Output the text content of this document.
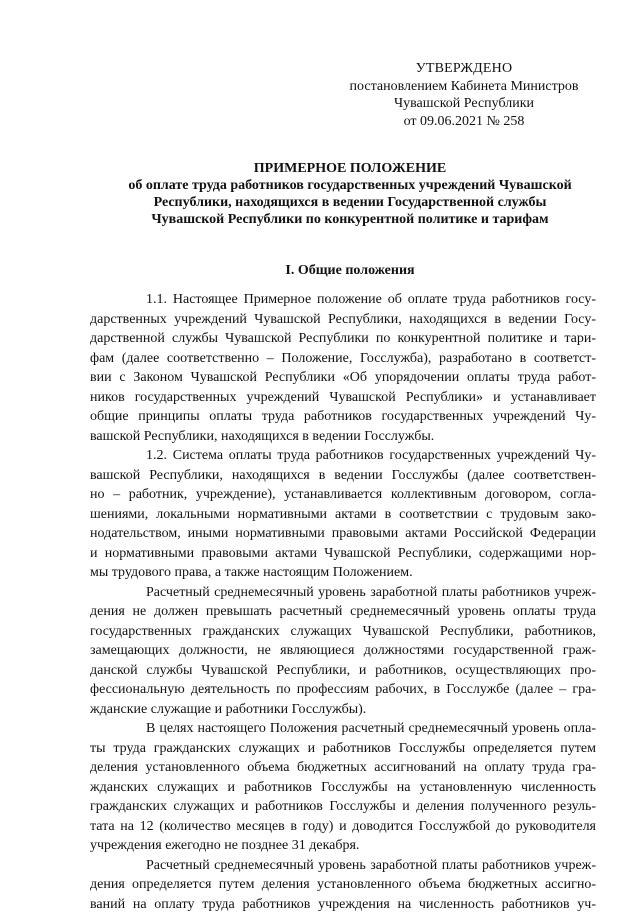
УТВЕРЖДЕНО
постановлением Кабинета Министров
Чувашской Республики
от 09.06.2021 № 258
ПРИМЕРНОЕ ПОЛОЖЕНИЕ
об оплате труда работников государственных учреждений Чувашской
Республики, находящихся в ведении Государственной службы
Чувашской Республики по конкурентной политике и тарифам
I. Общие положения
1.1. Настоящее Примерное положение об оплате труда работников госу-
дарственных учреждений Чувашской Республики, находящихся в ведении Госу-
дарственной службы Чувашской Республики по конкурентной политике и тари-
фам (далее соответственно – Положение, Госслужба), разработано в соответст-
вии с Законом Чувашской Республики «Об упорядочении оплаты труда работ-
ников государственных учреждений Чувашской Республики» и устанавливает
общие принципы оплаты труда работников государственных учреждений Чу-
вашской Республики, находящихся в ведении Госслужбы.
1.2. Система оплаты труда работников государственных учреждений Чу-
вашской Республики, находящихся в ведении Госслужбы (далее соответствен-
но – работник, учреждение), устанавливается коллективным договором, согла-
шениями, локальными нормативными актами в соответствии с трудовым зако-
нодательством, иными нормативными правовыми актами Российской Федерации
и нормативными правовыми актами Чувашской Республики, содержащими нор-
мы трудового права, а также настоящим Положением.
Расчетный среднемесячный уровень заработной платы работников учреж-
дения не должен превышать расчетный среднемесячный уровень оплаты труда
государственных гражданских служащих Чувашской Республики, работников,
замещающих должности, не являющиеся должностями государственной граж-
данской службы Чувашской Республики, и работников, осуществляющих про-
фессиональную деятельность по профессиям рабочих, в Госслужбе (далее – гра-
жданские служащие и работники Госслужбы).
В целях настоящего Положения расчетный среднемесячный уровень опла-
ты труда гражданских служащих и работников Госслужбы определяется путем
деления установленного объема бюджетных ассигнований на оплату труда гра-
жданских служащих и работников Госслужбы на установленную численность
гражданских служащих и работников Госслужбы и деления полученного резуль-
тата на 12 (количество месяцев в году) и доводится Госслужбой до руководителя
учреждения ежегодно не позднее 31 декабря.
Расчетный среднемесячный уровень заработной платы работников учреж-
дения определяется путем деления установленного объема бюджетных ассигно-
ваний на оплату труда работников учреждения на численность работников уч-
